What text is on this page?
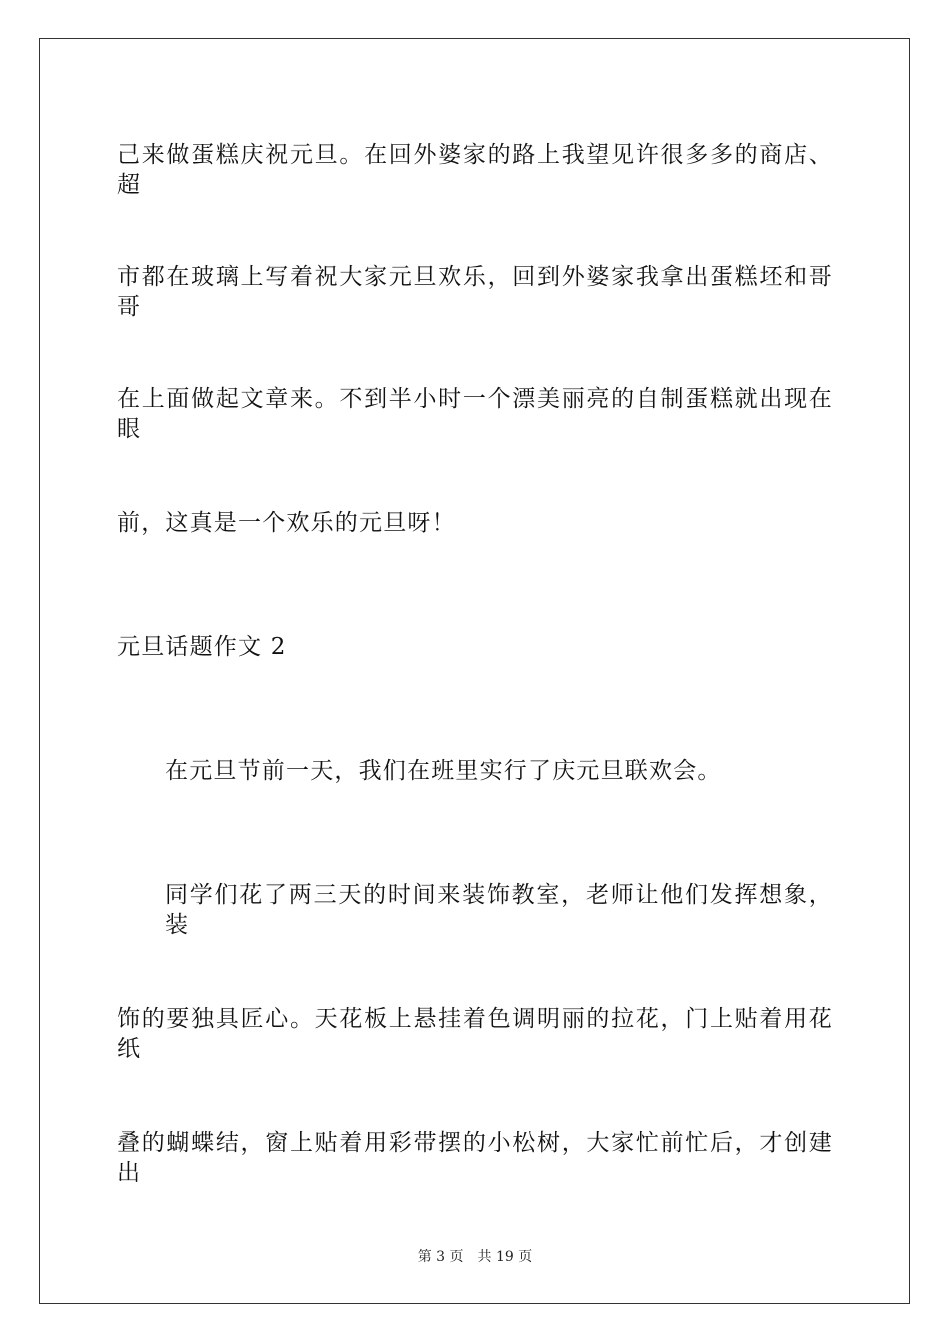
己来做蛋糕庆祝元旦。在回外婆家的路上我望见许很多多的商店、超
市都在玻璃上写着祝大家元旦欢乐，回到外婆家我拿出蛋糕坯和哥哥
在上面做起文章来。不到半小时一个漂美丽亮的自制蛋糕就出现在眼
前，这真是一个欢乐的元旦呀！
元旦话题作文 2
在元旦节前一天，我们在班里实行了庆元旦联欢会。
同学们花了两三天的时间来装饰教室，老师让他们发挥想象，装
饰的要独具匠心。天花板上悬挂着色调明丽的拉花，门上贴着用花纸
叠的蝴蝶结，窗上贴着用彩带摆的小松树，大家忙前忙后，才创建出
第 3 页 共 19 页
